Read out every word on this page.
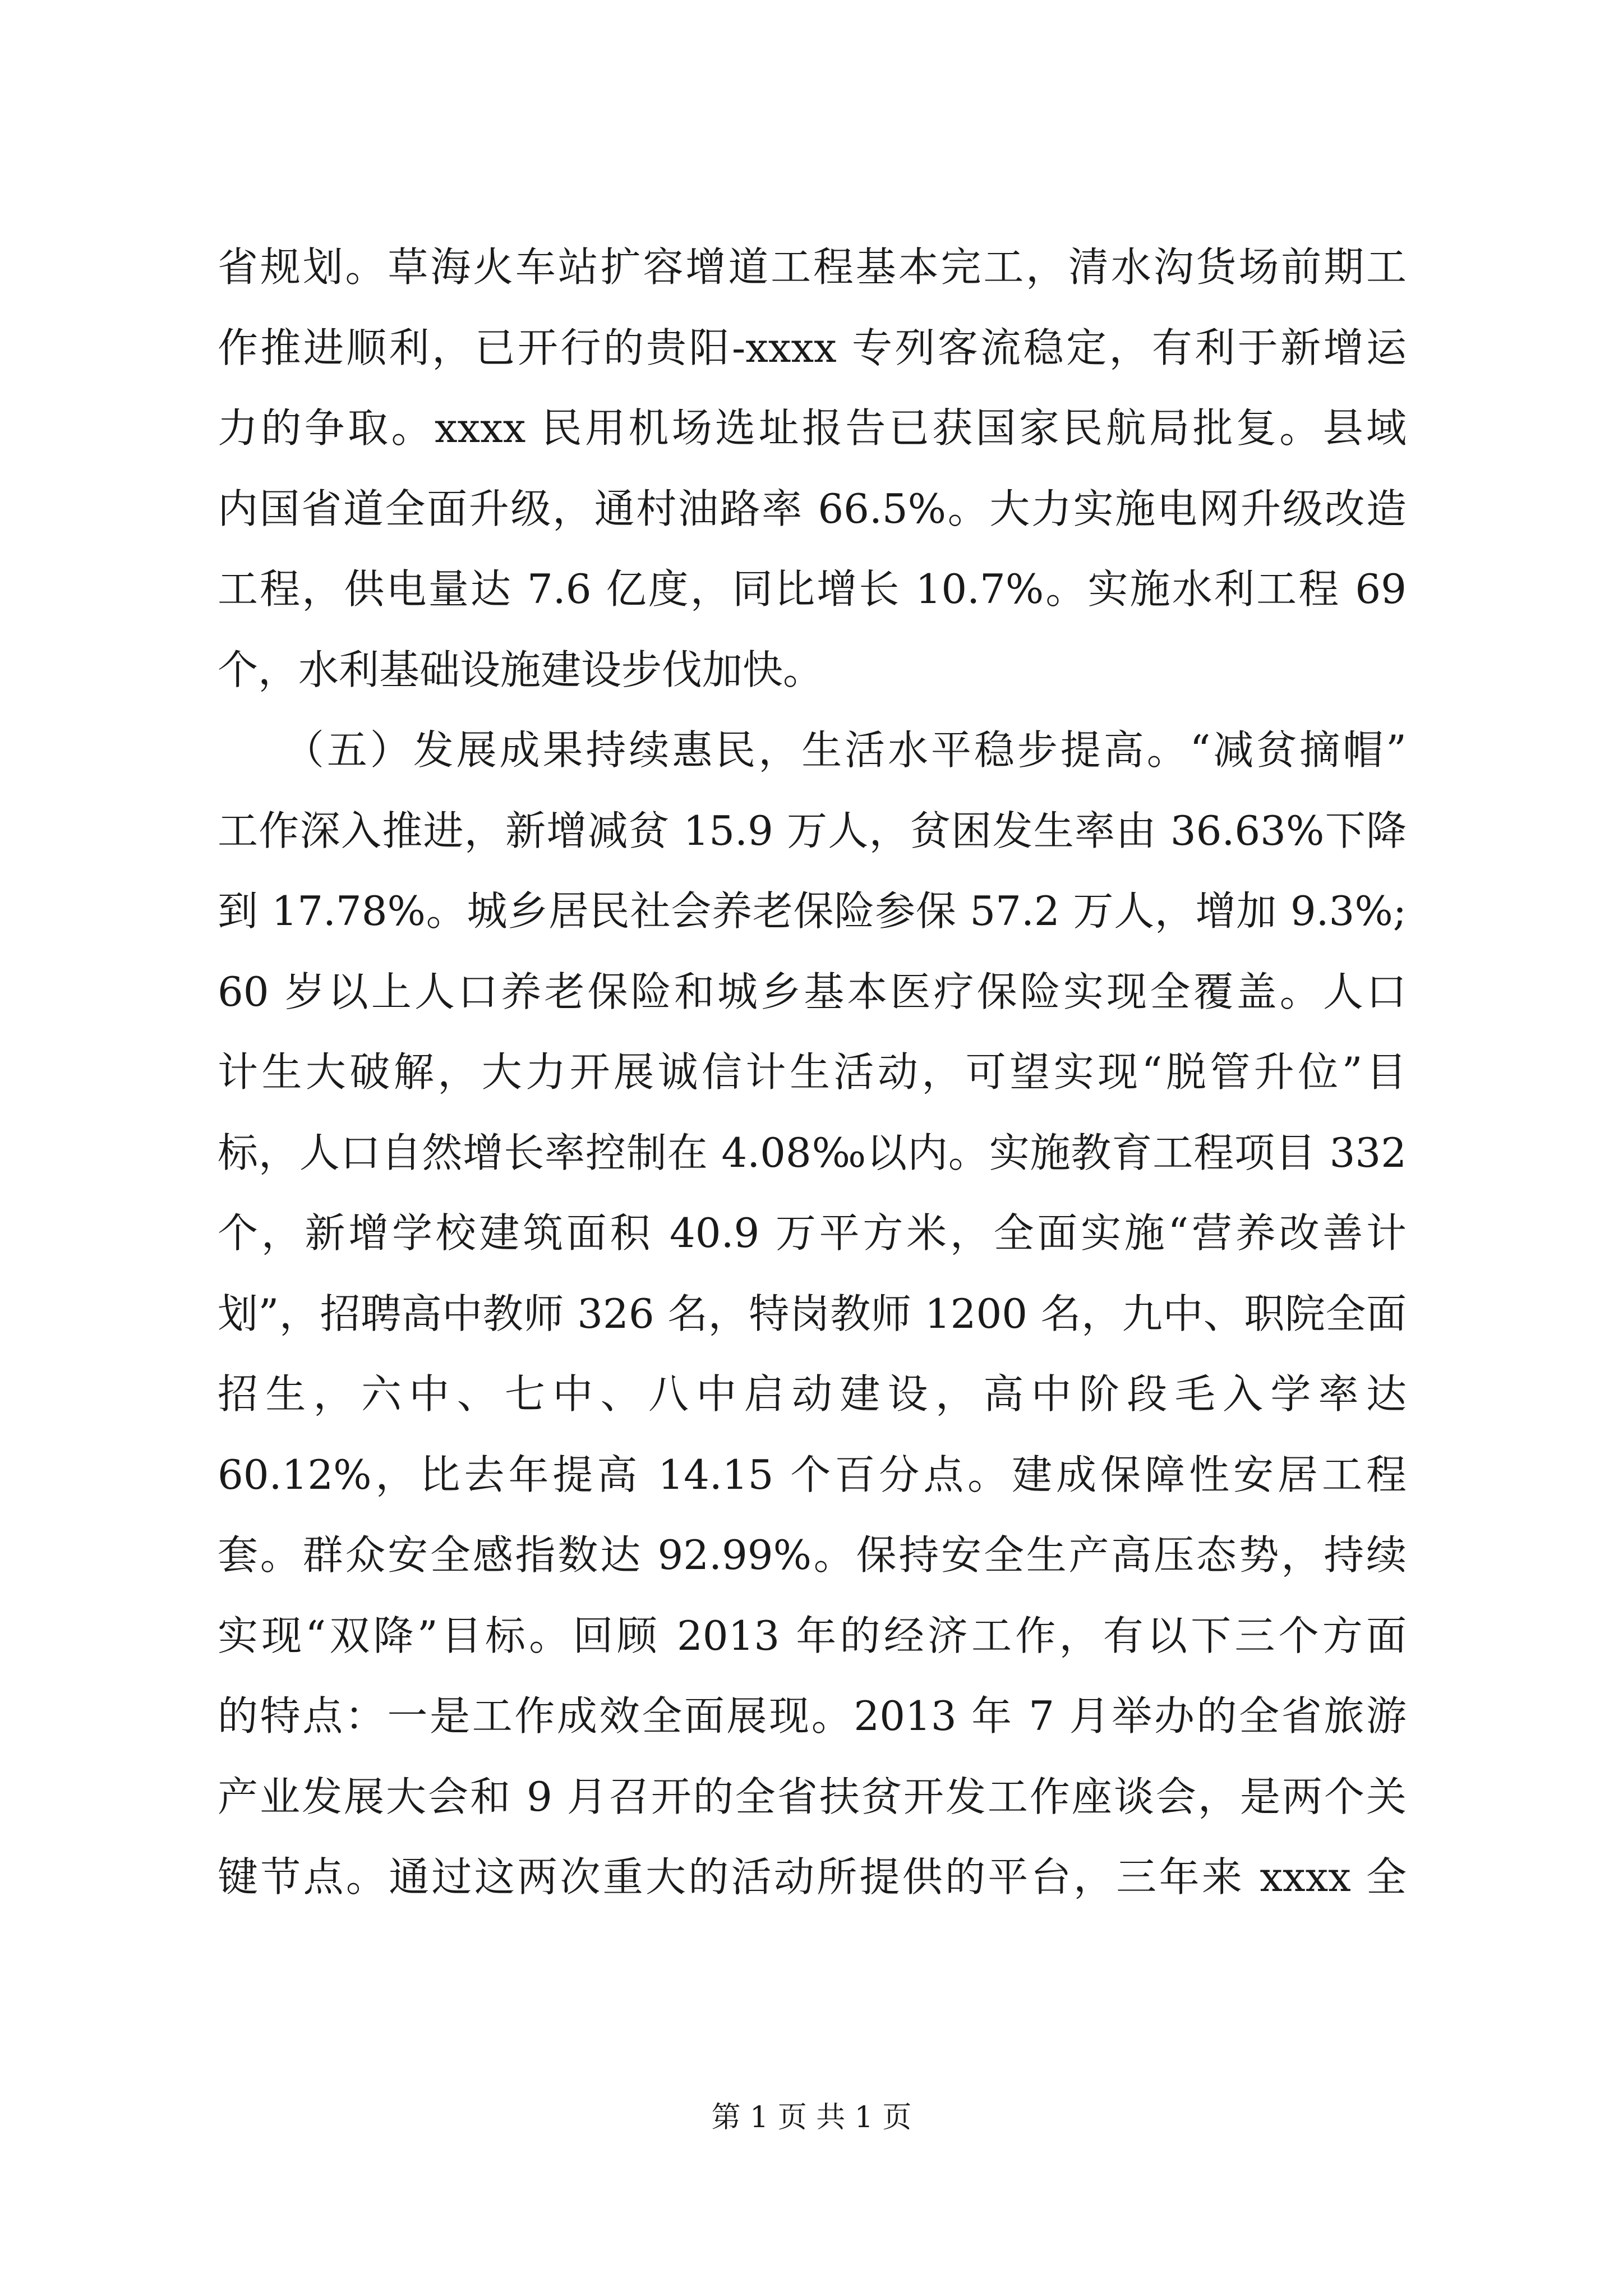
省规划。草海火车站扩容增道工程基本完工，清水沟货场前期工
作推进顺利，已开行的贵阳-xxxx 专列客流稳定，有利于新增运
力的争取。xxxx 民用机场选址报告已获国家民航局批复。县域
内国省道全面升级，通村油路率 66.5%。大力实施电网升级改造
工程，供电量达 7.6 亿度，同比增长 10.7%。实施水利工程 69
个，水利基础设施建设步伐加快。
　　（五）发展成果持续惠民，生活水平稳步提高。“减贫摘帽”
工作深入推进，新增减贫 15.9 万人，贫困发生率由 36.63%下降
到 17.78%。城乡居民社会养老保险参保 57.2 万人，增加 9.3%;
60 岁以上人口养老保险和城乡基本医疗保险实现全覆盖。人口
计生大破解，大力开展诚信计生活动，可望实现“脱管升位”目
标，人口自然增长率控制在 4.08‰以内。实施教育工程项目 332
个，新增学校建筑面积 40.9 万平方米，全面实施“营养改善计
划”，招聘高中教师 326 名，特岗教师 1200 名，九中、职院全面
招生，六中、七中、八中启动建设，高中阶段毛入学率达
60.12%，比去年提高 14.15 个百分点。建成保障性安居工程
套。群众安全感指数达 92.99%。保持安全生产高压态势，持续
实现“双降”目标。回顾 2013 年的经济工作，有以下三个方面
的特点：一是工作成效全面展现。2013 年 7 月举办的全省旅游
产业发展大会和 9 月召开的全省扶贫开发工作座谈会，是两个关
键节点。通过这两次重大的活动所提供的平台，三年来 xxxx 全
第 1 页 共 1 页
